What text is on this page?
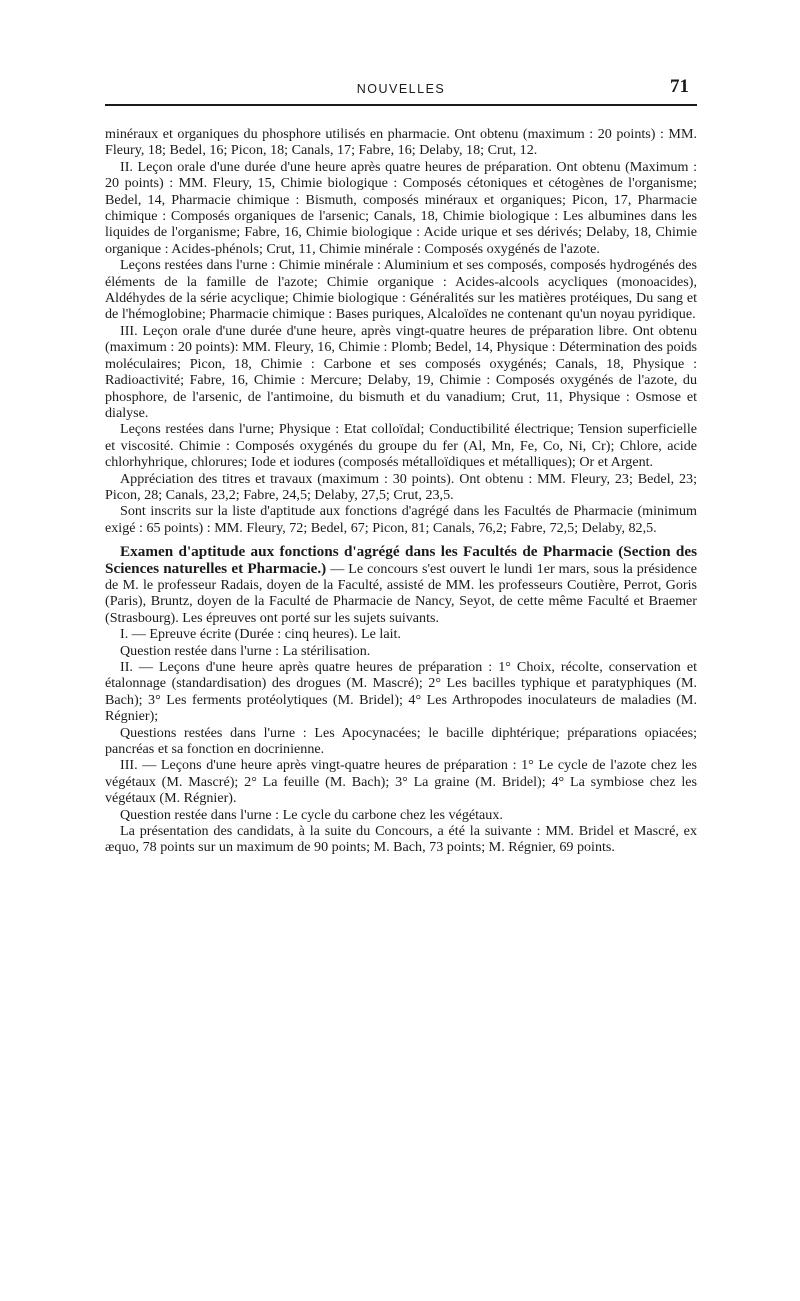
NOUVELLES	71

minéraux et organiques du phosphore utilisés en pharmacie. Ont obtenu (maximum : 20 points) : MM. Fleury, 18; Bedel, 16; Picon, 18; Canals, 17; Fabre, 16; Delaby, 18; Crut, 12.

II. Leçon orale d'une durée d'une heure après quatre heures de préparation. Ont obtenu (Maximum : 20 points) : MM. Fleury, 15, Chimie biologique : Composés cétoniques et cétogènes de l'organisme; Bedel, 14, Pharmacie chimique : Bismuth, composés minéraux et organiques; Picon, 17, Pharmacie chimique : Composés organiques de l'arsenic; Canals, 18, Chimie biologique : Les albumines dans les liquides de l'organisme; Fabre, 16, Chimie biologique : Acide urique et ses dérivés; Delaby, 18, Chimie organique : Acides-phénols; Crut, 11, Chimie minérale : Composés oxygénés de l'azote.

Leçons restées dans l'urne : Chimie minérale : Aluminium et ses composés, composés hydrogénés des éléments de la famille de l'azote; Chimie organique : Acides-alcools acycliques (monoacides), Aldéhydes de la série acyclique; Chimie biologique : Généralités sur les matières protéiques, Du sang et de l'hémoglobine; Pharmacie chimique : Bases puriques, Alcaloïdes ne contenant qu'un noyau pyridique.

III. Leçon orale d'une durée d'une heure, après vingt-quatre heures de préparation libre. Ont obtenu (maximum : 20 points): MM. Fleury, 16, Chimie : Plomb; Bedel, 14, Physique : Détermination des poids moléculaires; Picon, 18, Chimie : Carbone et ses composés oxygénés; Canals, 18, Physique : Radioactivité; Fabre, 16, Chimie : Mercure; Delaby, 19, Chimie : Composés oxygénés de l'azote, du phosphore, de l'arsenic, de l'antimoine, du bismuth et du vanadium; Crut, 11, Physique : Osmose et dialyse.

Leçons restées dans l'urne; Physique : Etat colloïdal; Conductibilité électrique; Tension superficielle et viscosité. Chimie : Composés oxygénés du groupe du fer (Al, Mn, Fe, Co, Ni, Cr); Chlore, acide chlorhyhrique, chlorures; Iode et iodures (composés métalloïdiques et métalliques); Or et Argent.

Appréciation des titres et travaux (maximum : 30 points). Ont obtenu : MM. Fleury, 23; Bedel, 23; Picon, 28; Canals, 23,2; Fabre, 24,5; Delaby, 27,5; Crut, 23,5.

Sont inscrits sur la liste d'aptitude aux fonctions d'agrégé dans les Facultés de Pharmacie (minimum exigé : 65 points) : MM. Fleury, 72; Bedel, 67; Picon, 81; Canals, 76,2; Fabre, 72,5; Delaby, 82,5.

Examen d'aptitude aux fonctions d'agrégé dans les Facultés de Pharmacie (Section des Sciences naturelles et Pharmacie.) — Le concours s'est ouvert le lundi 1er mars, sous la présidence de M. le professeur Radais, doyen de la Faculté, assisté de MM. les professeurs Coutière, Perrot, Goris (Paris), Bruntz, doyen de la Faculté de Pharmacie de Nancy, Seyot, de cette même Faculté et Braemer (Strasbourg). Les épreuves ont porté sur les sujets suivants.

I. — Epreuve écrite (Durée : cinq heures). Le lait.

Question restée dans l'urne : La stérilisation.

II. — Leçons d'une heure après quatre heures de préparation : 1° Choix, récolte, conservation et étalonnage (standardisation) des drogues (M. Mascré); 2° Les bacilles typhique et paratyphiques (M. Bach); 3° Les ferments protéolytiques (M. Bridel); 4° Les Arthropodes inoculateurs de maladies (M. Régnier);

Questions restées dans l'urne : Les Apocynacées; le bacille diphtérique; préparations opiacées; pancréas et sa fonction en docrinienne.

III. — Leçons d'une heure après vingt-quatre heures de préparation : 1° Le cycle de l'azote chez les végétaux (M. Mascré); 2° La feuille (M. Bach); 3° La graine (M. Bridel); 4° La symbiose chez les végétaux (M. Régnier).

Question restée dans l'urne : Le cycle du carbone chez les végétaux.

La présentation des candidats, à la suite du Concours, a été la suivante : MM. Bridel et Mascré, ex æquo, 78 points sur un maximum de 90 points; M. Bach, 73 points; M. Régnier, 69 points.
